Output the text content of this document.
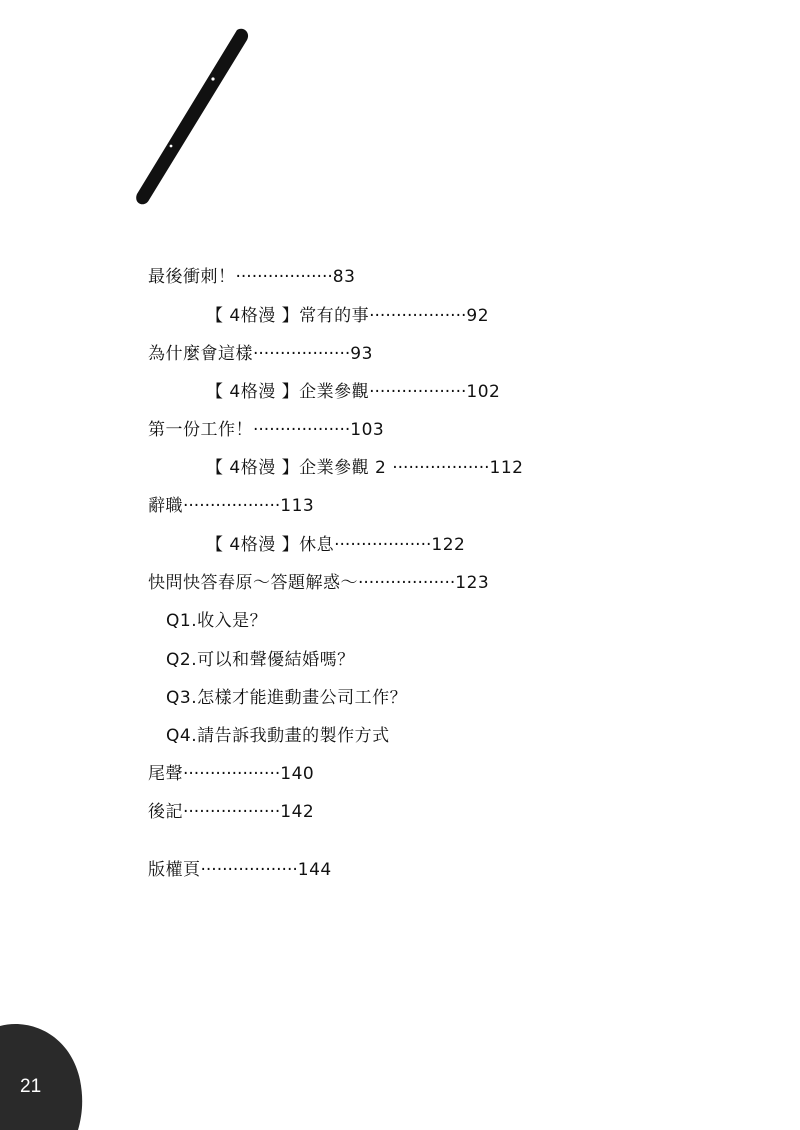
最後衝刺！··················83
【 4格漫 】常有的事··················92
為什麼會這樣··················93
【 4格漫 】企業參觀··················102
第一份工作！··················103
【 4格漫 】企業參觀 2 ··················112
辭職··················113
【 4格漫 】休息··················122
快問快答春原～答題解惑～··················123
Q1.收入是？
Q2.可以和聲優結婚嗎？
Q3.怎樣才能進動畫公司工作？
Q4.請告訴我動畫的製作方式
尾聲··················140
後記··················142
版權頁··················144
21
